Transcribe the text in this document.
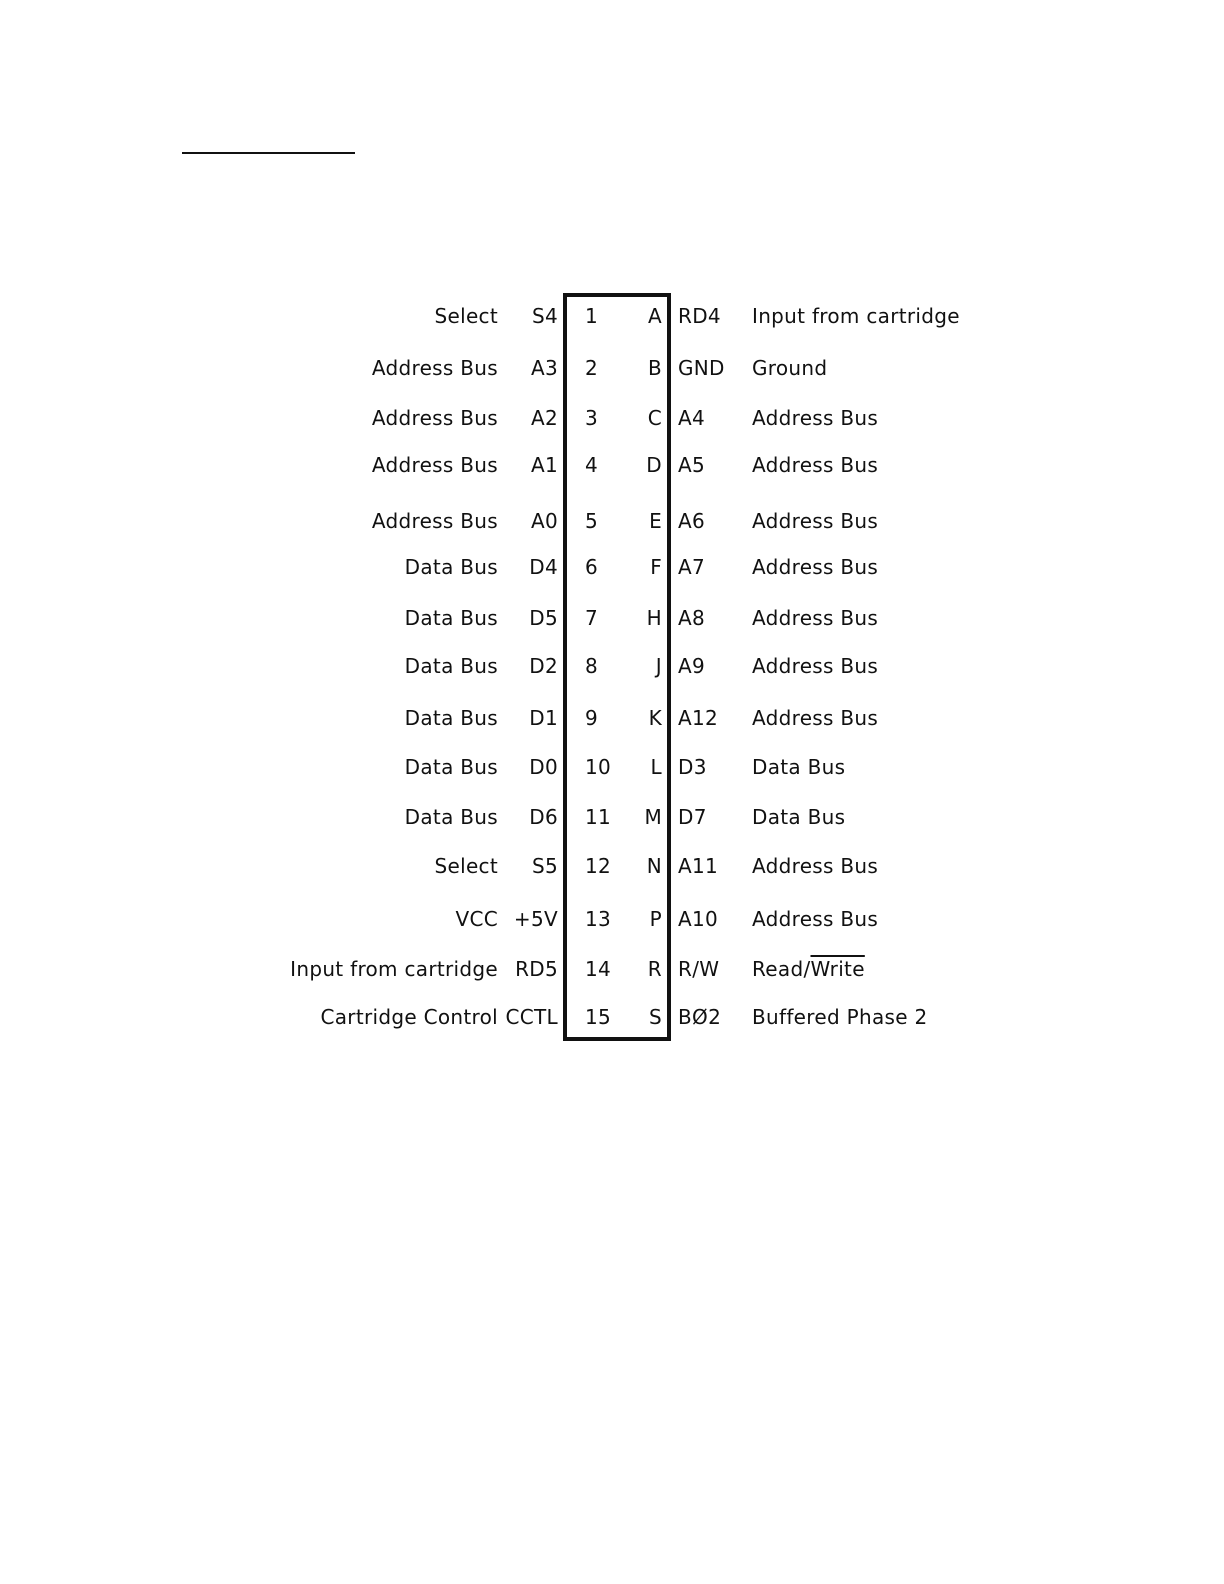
Select S4 1 A RD4 Input from cartridge
Address Bus A3 2 B GND Ground
Address Bus A2 3 C A4 Address Bus
Address Bus A1 4 D A5 Address Bus
Address Bus A0 5	E A6 Address Bus
Data Bus D4 6	F A7 Address Bus
Data Bus D5 7 H A8 Address Bus
Data Bus D2 8	J A9 Address Bus
Data Bus D1 9	K A12 Address Bus
Data Bus D0 10 L D3 Data Bus
Data Bus D6 11 M D7 Data Bus
Select S5 12 N A11 Address Bus
VCC +5V 13 P A10 Address Bus
Input from cartridge RD5 14 R R/W Read/Write
Cartridge Control CCTL 15 S BØ2 Buffered Phase 2
